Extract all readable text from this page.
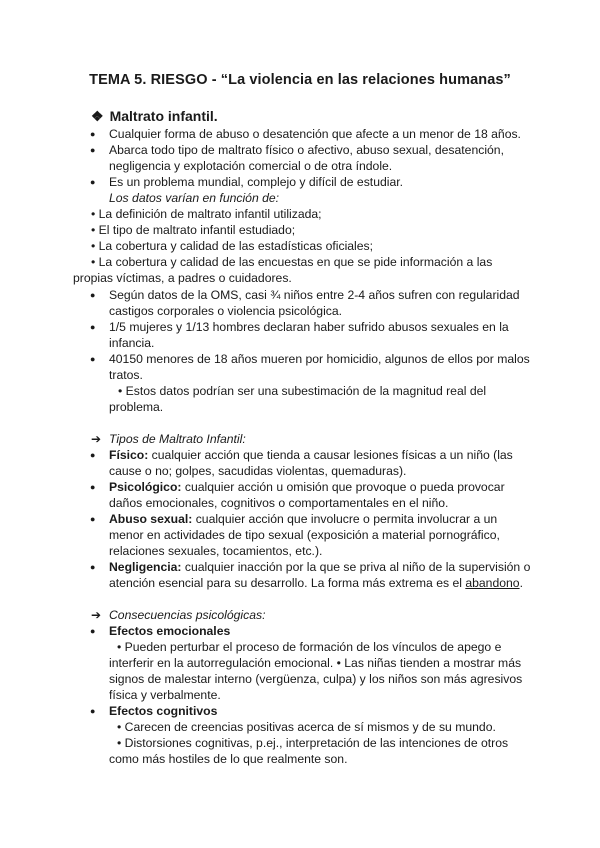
TEMA 5. RIESGO - “La violencia en las relaciones humanas”
❖ Maltrato infantil.
● Cualquier forma de abuso o desatención que afecte a un menor de 18 años.
● Abarca todo tipo de maltrato físico o afectivo, abuso sexual, desatención,
negligencia y explotación comercial o de otra índole.
● Es un problema mundial, complejo y difícil de estudiar.
Los datos varían en función de:
• La definición de maltrato infantil utilizada;
• El tipo de maltrato infantil estudiado;
• La cobertura y calidad de las estadísticas oficiales;
• La cobertura y calidad de las encuestas en que se pide información a las
propias víctimas, a padres o cuidadores.
● Según datos de la OMS, casi ¾ niños entre 2-4 años sufren con regularidad
castigos corporales o violencia psicológica.
● 1/5 mujeres y 1/13 hombres declaran haber sufrido abusos sexuales en la
infancia.
● 40150 menores de 18 años mueren por homicidio, algunos de ellos por malos
tratos.
• Estos datos podrían ser una subestimación de la magnitud real del
problema.
➔ Tipos de Maltrato Infantil:
● Físico: cualquier acción que tienda a causar lesiones físicas a un niño (las
cause o no; golpes, sacudidas violentas, quemaduras).
● Psicológico: cualquier acción u omisión que provoque o pueda provocar
daños emocionales, cognitivos o comportamentales en el niño.
● Abuso sexual: cualquier acción que involucre o permita involucrar a un
menor en actividades de tipo sexual (exposición a material pornográfico,
relaciones sexuales, tocamientos, etc.).
● Negligencia: cualquier inacción por la que se priva al niño de la supervisión o
atención esencial para su desarrollo. La forma más extrema es el abandono.
➔ Consecuencias psicológicas:
● Efectos emocionales
• Pueden perturbar el proceso de formación de los vínculos de apego e
interferir en la autorregulación emocional. • Las niñas tienden a mostrar más
signos de malestar interno (vergüenza, culpa) y los niños son más agresivos
física y verbalmente.
● Efectos cognitivos
• Carecen de creencias positivas acerca de sí mismos y de su mundo.
• Distorsiones cognitivas, p.ej., interpretación de las intenciones de otros
como más hostiles de lo que realmente son.
